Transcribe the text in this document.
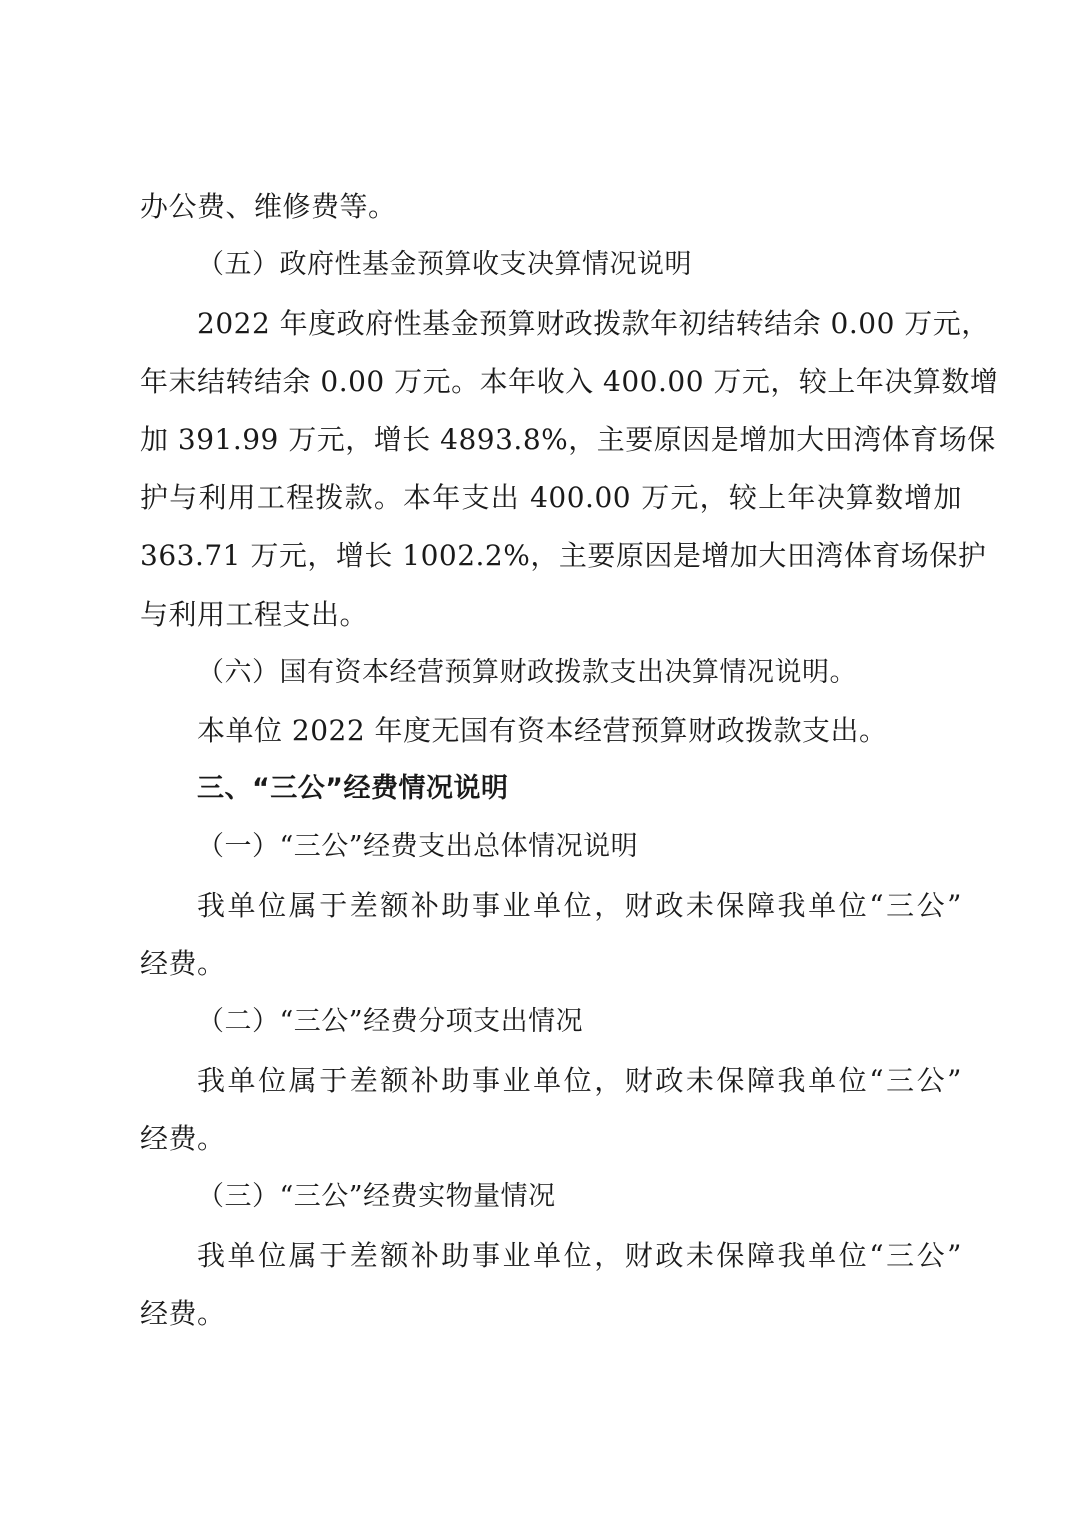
办公费、维修费等。
（五）政府性基金预算收支决算情况说明
2022 年度政府性基金预算财政拨款年初结转结余 0.00 万元，
年末结转结余 0.00 万元。本年收入 400.00 万元，较上年决算数增
加 391.99 万元，增长 4893.8%，主要原因是增加大田湾体育场保
护与利用工程拨款。本年支出 400.00 万元，较上年决算数增加
363.71 万元，增长 1002.2%，主要原因是增加大田湾体育场保护
与利用工程支出。
（六）国有资本经营预算财政拨款支出决算情况说明。
本单位 2022 年度无国有资本经营预算财政拨款支出。
三、“三公”经费情况说明
（一）“三公”经费支出总体情况说明
我单位属于差额补助事业单位，财政未保障我单位“三公”
经费。
（二）“三公”经费分项支出情况
我单位属于差额补助事业单位，财政未保障我单位“三公”
经费。
（三）“三公”经费实物量情况
我单位属于差额补助事业单位，财政未保障我单位“三公”
经费。
